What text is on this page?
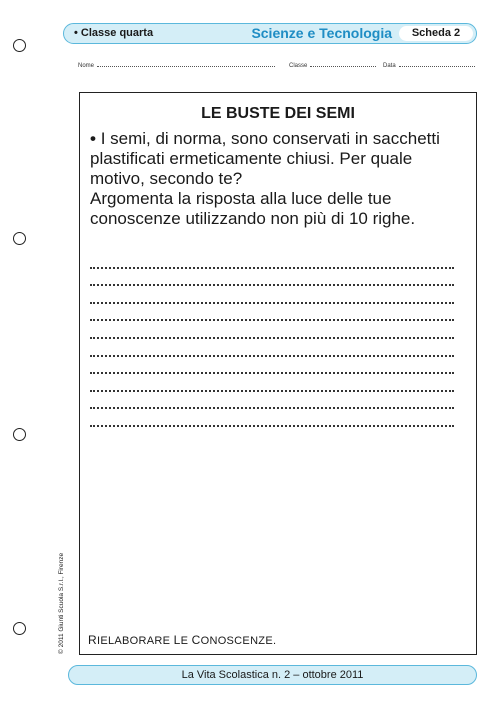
• Classe quarta	Scienze e Tecnologia	Scheda 2
Nome	Classe	Data
LE BUSTE DEI SEMI
• I semi, di norma, sono conservati in sacchetti plastificati ermeticamente chiusi. Per quale motivo, secondo te?
Argomenta la risposta alla luce delle tue conoscenze utilizzando non più di 10 righe.
RIELABORARE LE CONOSCENZE.
© 2011 Giunti Scuola S.r.l., Firenze
La Vita Scolastica n. 2 – ottobre 2011
